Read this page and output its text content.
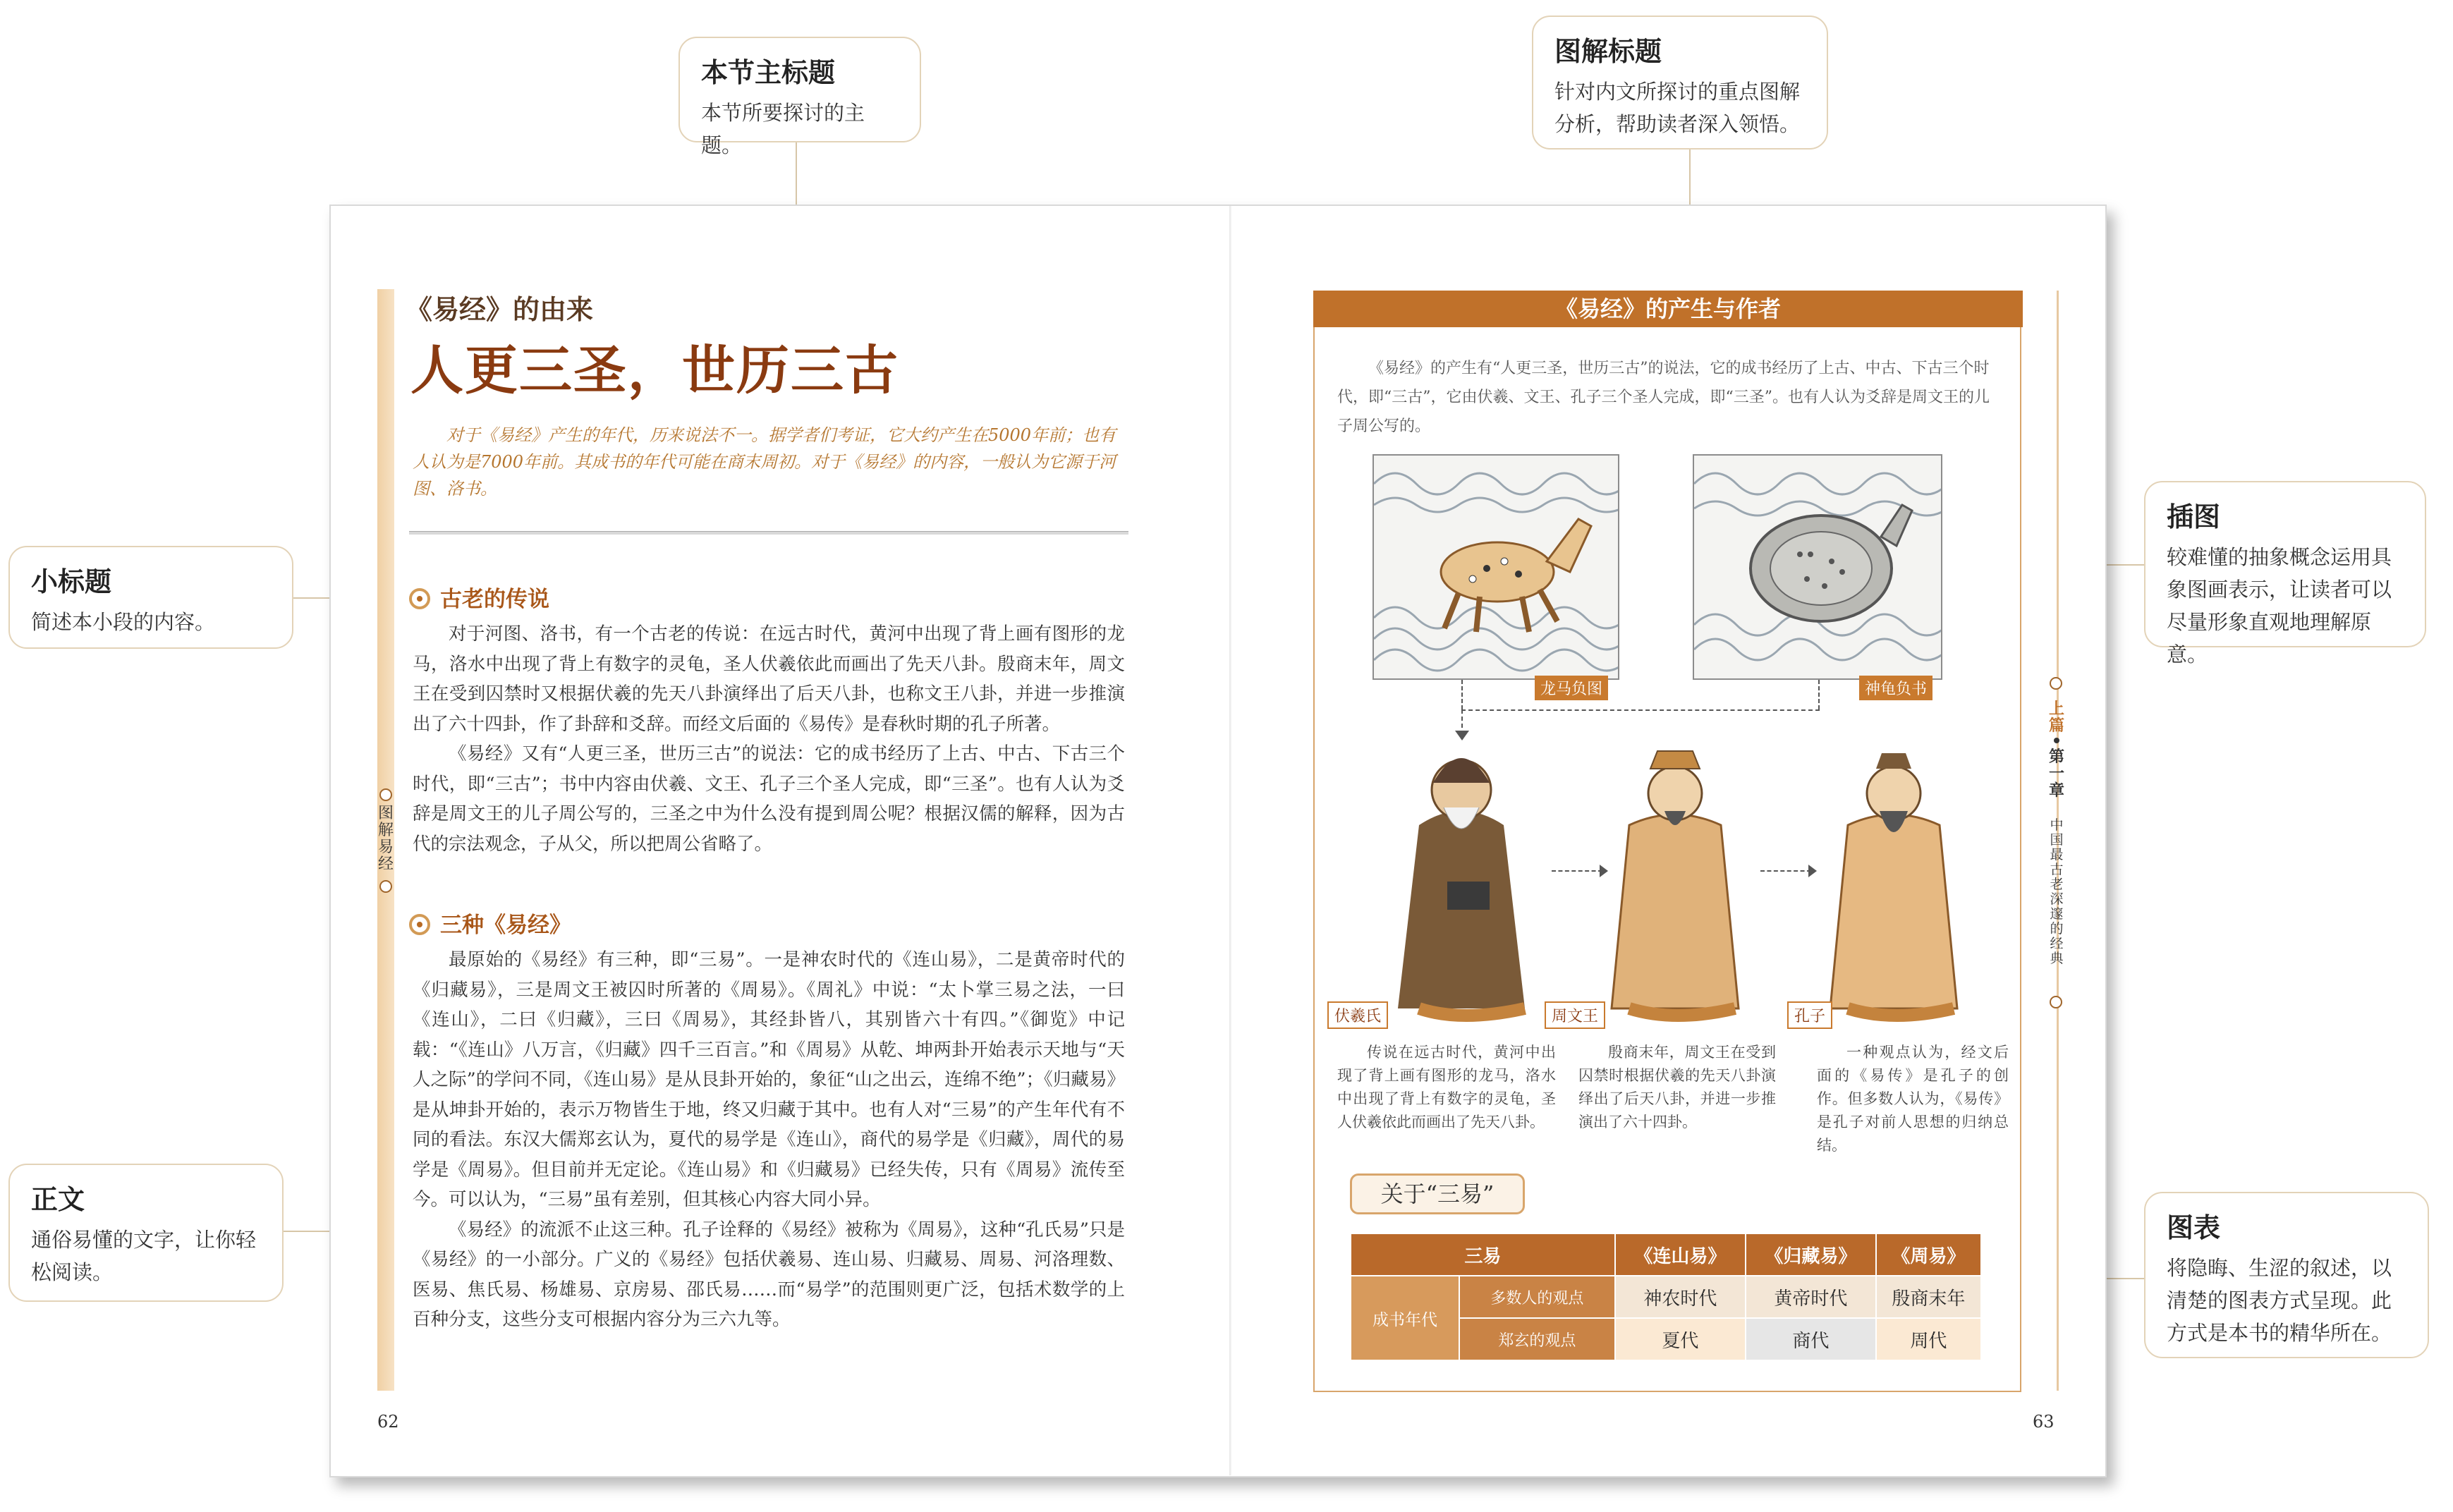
本节主标题
本节所要探讨的主题。
图解标题
针对内文所探讨的重点图解分析，帮助读者深入领悟。
小标题
简述本小段的内容。
插图
较难懂的抽象概念运用具象图画表示，让读者可以尽量形象直观地理解原意。
正文
通俗易懂的文字，让你轻松阅读。
图表
将隐晦、生涩的叙述，以清楚的图表方式呈现。此方式是本书的精华所在。
图解易经
《易经》的由来
人更三圣，世历三古
对于《易经》产生的年代，历来说法不一。据学者们考证，它大约产生在5000年前；也有人认为是7000年前。其成书的年代可能在商末周初。对于《易经》的内容，一般认为它源于河图、洛书。
古老的传说

对于河图、洛书，有一个古老的传说：在远古时代，黄河中出现了背上画有图形的龙马，洛水中出现了背上有数字的灵龟，圣人伏羲依此而画出了先天八卦。殷商末年，周文王在受到囚禁时又根据伏羲的先天八卦演绎出了后天八卦，也称文王八卦，并进一步推演出了六十四卦，作了卦辞和爻辞。而经文后面的《易传》是春秋时期的孔子所著。

《易经》又有“人更三圣，世历三古”的说法：它的成书经历了上古、中古、下古三个时代，即“三古”；书中内容由伏羲、文王、孔子三个圣人完成，即“三圣”。也有人认为爻辞是周文王的儿子周公写的，三圣之中为什么没有提到周公呢？根据汉儒的解释，因为古代的宗法观念，子从父，所以把周公省略了。

三种《易经》

最原始的《易经》有三种，即“三易”。一是神农时代的《连山易》，二是黄帝时代的《归藏易》，三是周文王被囚时所著的《周易》。《周礼》中说：“太卜掌三易之法，一曰《连山》，二曰《归藏》，三曰《周易》，其经卦皆八，其别皆六十有四。”《御览》中记载：“《连山》八万言，《归藏》四千三百言。”和《周易》从乾、坤两卦开始表示天地与“天人之际”的学问不同，《连山易》是从艮卦开始的，象征“山之出云，连绵不绝”；《归藏易》是从坤卦开始的，表示万物皆生于地，终又归藏于其中。也有人对“三易”的产生年代有不同的看法。东汉大儒郑玄认为，夏代的易学是《连山》，商代的易学是《归藏》，周代的易学是《周易》。但目前并无定论。《连山易》和《归藏易》已经失传，只有《周易》流传至今。可以认为，“三易”虽有差别，但其核心内容大同小异。

《易经》的流派不止这三种。孔子诠释的《易经》被称为《周易》，这种“孔氏易”只是《易经》的一小部分。广义的《易经》包括伏羲易、连山易、归藏易、周易、河洛理数、医易、焦氏易、杨雄易、京房易、邵氏易……而“易学”的范围则更广泛，包括术数学的上百种分支，这些分支可根据内容分为三六九等。

62
《易经》的产生与作者
《易经》的产生有“人更三圣，世历三古”的说法，它的成书经历了上古、中古、下古三个时代，即“三古”，它由伏羲、文王、孔子三个圣人完成，即“三圣”。也有人认为爻辞是周文王的儿子周公写的。
龙马负图	神龟负书
伏羲氏	周文王	孔子
传说在远古时代，黄河中出现了背上画有图形的龙马，洛水中出现了背上有数字的灵龟，圣人伏羲依此而画出了先天八卦。
殷商末年，周文王在受到囚禁时根据伏羲的先天八卦演绎出了后天八卦，并进一步推演出了六十四卦。
一种观点认为，经文后面的《易传》是孔子的创作。但多数人认为，《易传》是孔子对前人思想的归纳总结。
关于“三易”
三易		《连山易》	《归藏易》	《周易》
成书年代	多数人的观点	神农时代	黄帝时代	殷商末年
	郑玄的观点	夏代	商代	周代
上篇
第一章
中国最古老深邃的经典
63
